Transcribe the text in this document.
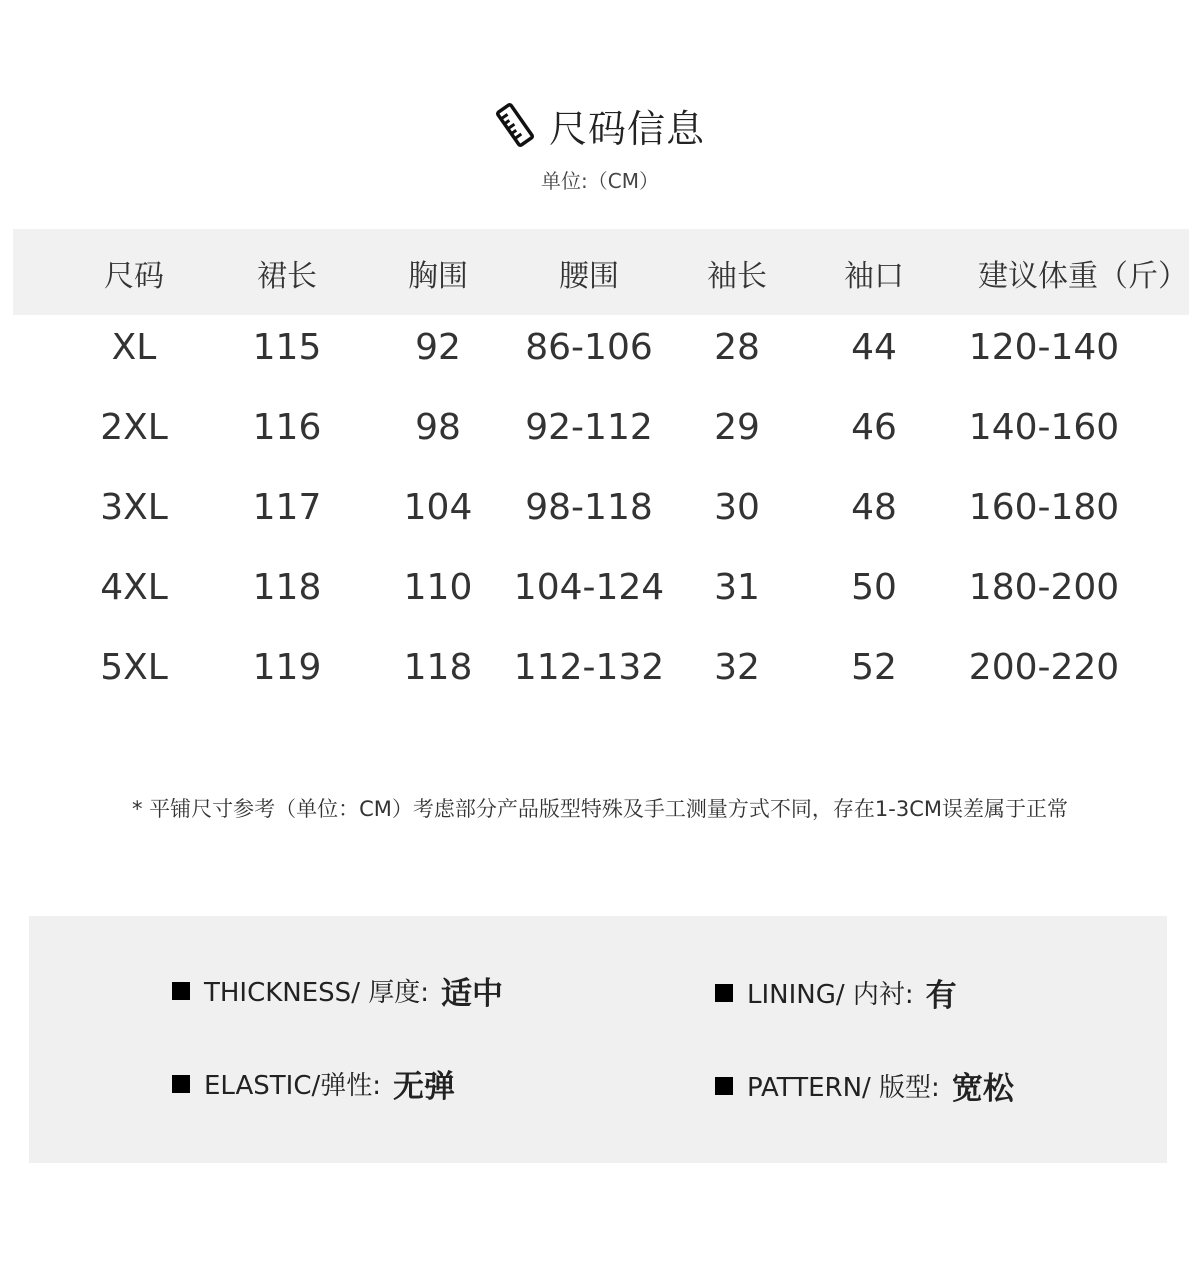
尺码信息
单位:（CM）
尺码	裙长	胸围	腰围	袖长	袖口 建议体重（斤）
XL	115	92 86-106 28	44 120-140
2XL 116	98 92-112 29	46 140-160
3XL 117 104 98-118 30	48 160-180
4XL 118 110 104-124 31	50 180-200
5XL 119 118 112-132 32	52 200-220
* 平铺尺寸参考（单位：CM）考虑部分产品版型特殊及手工测量方式不同，存在1-3CM误差属于正常
THICKNESS/ 厚度: 适中	LINING/ 内衬: 有
ELASTIC/弹性: 无弹	PATTERN/ 版型: 宽松
